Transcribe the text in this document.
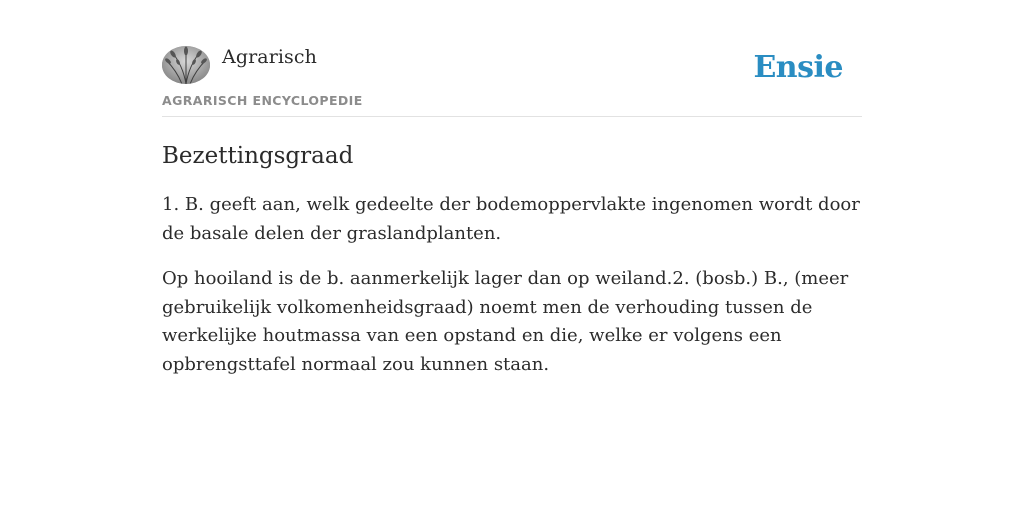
Agrarisch
AGRARISCH ENCYCLOPEDIE
Ensie
Bezettingsgraad

1. B. geeft aan, welk gedeelte der bodemoppervlakte ingenomen wordt door de basale delen der graslandplanten.

Op hooiland is de b. aanmerkelijk lager dan op weiland.2. (bosb.) B., (meer gebruikelijk volkomenheidsgraad) noemt men de verhouding tussen de werkelijke houtmassa van een opstand en die, welke er volgens een opbrengsttafel normaal zou kunnen staan.
